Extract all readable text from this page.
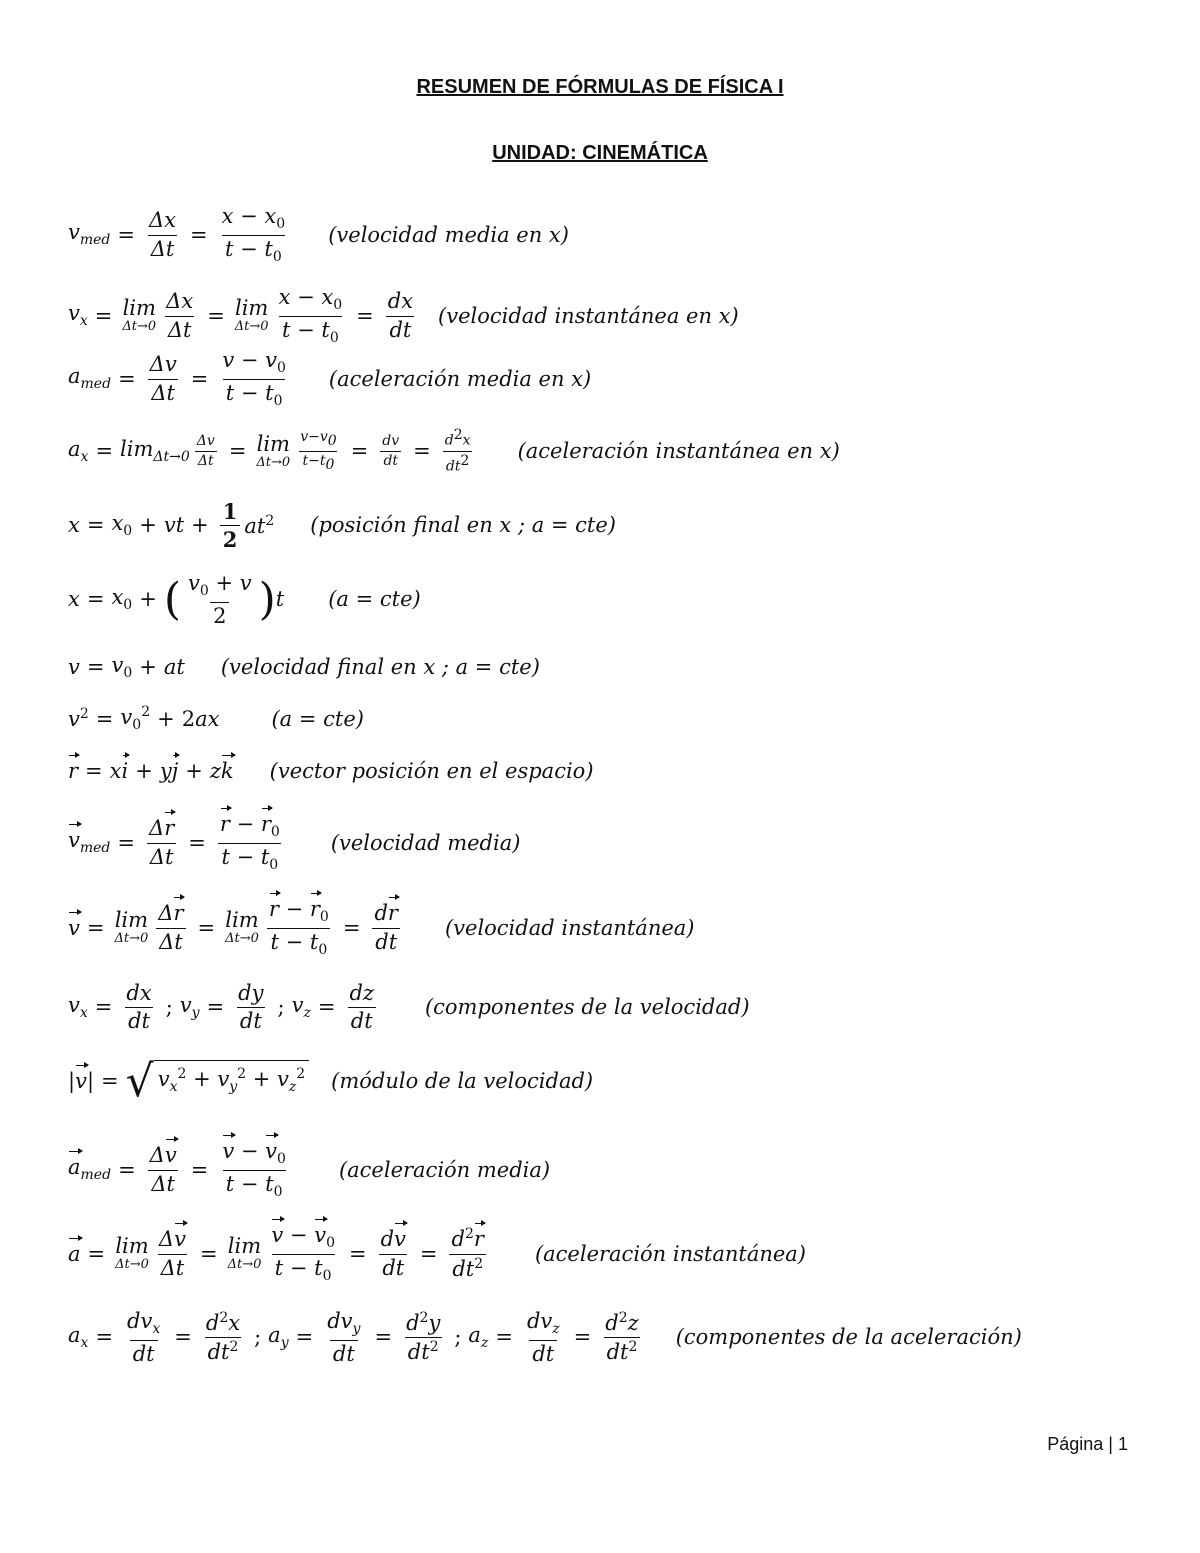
RESUMEN DE FÓRMULAS DE FÍSICA I
UNIDAD: CINEMÁTICA
$v_{med} = \frac{\Delta x}{\Delta t} = \frac{x - x_0}{t - t_0}$ (velocidad media en x)
$v_x = \lim$
$\Delta t\to 0 \frac{\Delta x}{\Delta t} = \lim$
$\Delta t\to 0 \frac{x - x_0}{t - t_0} = \frac{dx}{dt}$ (velocidad instantánea en x)
$a_{med} = \frac{\Delta v}{\Delta t} = \frac{v - v_0}{t - t_0}$ (aceleración media en x)
$a_x = \lim_{\Delta t\to 0} \frac{\Delta v}{\Delta t} = \lim$
$\Delta t\to 0 \frac{v-v_0}{t-t_0} = \frac{dv}{dt} = \frac{d^2x}{dt^2}$ (aceleración instantánea en x)
$x = x_0$ + vt + $\frac{1}{2} at^2$ (posición final en x ; a = cte)
$x = x_0$ + ( $\frac{v_0 + v}{2}$ ) t (a = cte)
$v = v_0$ + at (velocidad final en x ; a = cte)
$v^2 = v_0^2 + 2ax$ (a = cte)
r = xi + yj + zk (vector posición en el espacio)
$v_{med} = \frac{\Delta r}{\Delta t} = \frac{r - r_0}{t - t_0}$ (velocidad media)
v = lim
$\Delta t\to 0 \frac{\Delta r}{\Delta t} = \lim$
$\Delta t\to 0 \frac{r - r_0}{t - t_0} = \frac{dr}{dt}$ (velocidad instantánea)
$v_x = \frac{dx}{dt}$ ; $v_y = \frac{dy}{dt}$ ; $v_z = \frac{dz}{dt}$ (componentes de la velocidad)
| v | = √ $v_x^2 + v_y^2 + v_z^2$ (módulo de la velocidad)
$a_{med} = \frac{\Delta v}{\Delta t} = \frac{v - v_0}{t - t_0}$ (aceleración media)
a = lim
$\Delta t\to 0 \frac{\Delta v}{\Delta t} = \lim$
$\Delta t\to 0 \frac{v - v_0}{t - t_0} = \frac{dv}{dt} = \frac{d^2r}{dt^2}$ (aceleración instantánea)
$a_x = \frac{dv_x}{dt} = \frac{d^2x}{dt^2}$ ; $a_y = \frac{dv_y}{dt} = \frac{d^2y}{dt^2}$ ; $a_z = \frac{dv_z}{dt} = \frac{d^2z}{dt^2}$ (componentes de la aceleración)
Página | 1
